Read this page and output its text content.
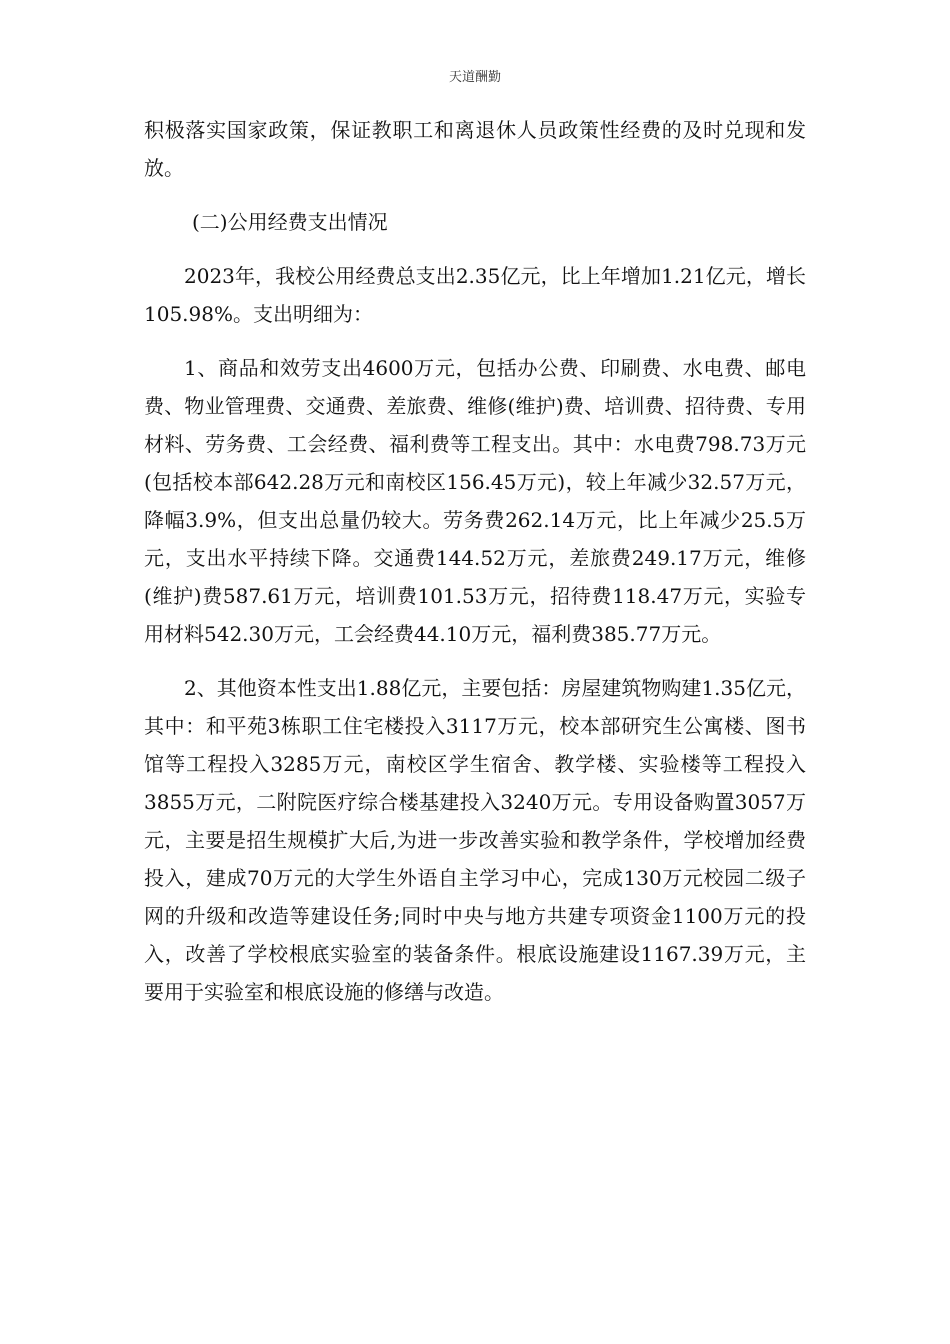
天道酬勤

积极落实国家政策，保证教职工和离退休人员政策性经费的及时兑现和发放。

(二)公用经费支出情况

2023年，我校公用经费总支出2.35亿元，比上年增加1.21亿元，增长105.98%。支出明细为：

1、商品和效劳支出4600万元，包括办公费、印刷费、水电费、邮电费、物业管理费、交通费、差旅费、维修(维护)费、培训费、招待费、专用材料、劳务费、工会经费、福利费等工程支出。其中：水电费798.73万元(包括校本部642.28万元和南校区156.45万元)，较上年减少32.57万元，降幅3.9%，但支出总量仍较大。劳务费262.14万元，比上年减少25.5万元，支出水平持续下降。交通费144.52万元，差旅费249.17万元，维修(维护)费587.61万元，培训费101.53万元，招待费118.47万元，实验专用材料542.30万元，工会经费44.10万元，福利费385.77万元。

2、其他资本性支出1.88亿元，主要包括：房屋建筑物购建1.35亿元，其中：和平苑3栋职工住宅楼投入3117万元，校本部研究生公寓楼、图书馆等工程投入3285万元，南校区学生宿舍、教学楼、实验楼等工程投入3855万元，二附院医疗综合楼基建投入3240万元。专用设备购置3057万元，主要是招生规模扩大后,为进一步改善实验和教学条件，学校增加经费投入，建成70万元的大学生外语自主学习中心，完成130万元校园二级子网的升级和改造等建设任务;同时中央与地方共建专项资金1100万元的投入，改善了学校根底实验室的装备条件。根底设施建设1167.39万元，主要用于实验室和根底设施的修缮与改造。
